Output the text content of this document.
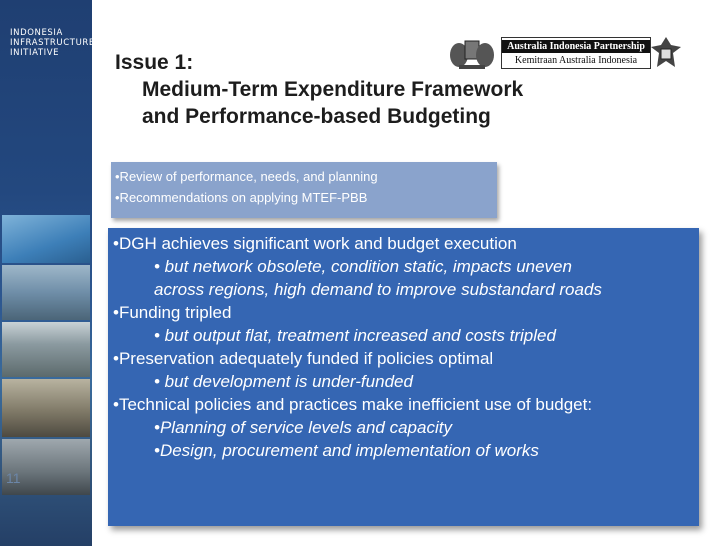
INDONESIA
INFRASTRUCTURE
INITIATIVE
11
Australia Indonesia Partnership
Kemitraan Australia Indonesia
Issue 1:
Medium-Term Expenditure Framework
and Performance-based Budgeting
•Review of performance, needs, and planning
•Recommendations on applying MTEF-PBB
•DGH achieves significant work and budget execution
• but network obsolete, condition static, impacts uneven
across regions, high demand to improve substandard roads
•Funding tripled
• but output flat, treatment increased and costs tripled
•Preservation adequately funded if policies optimal
• but development is under-funded
•Technical policies and practices make inefficient use of budget:
•Planning of service levels and capacity
•Design, procurement and implementation of works
